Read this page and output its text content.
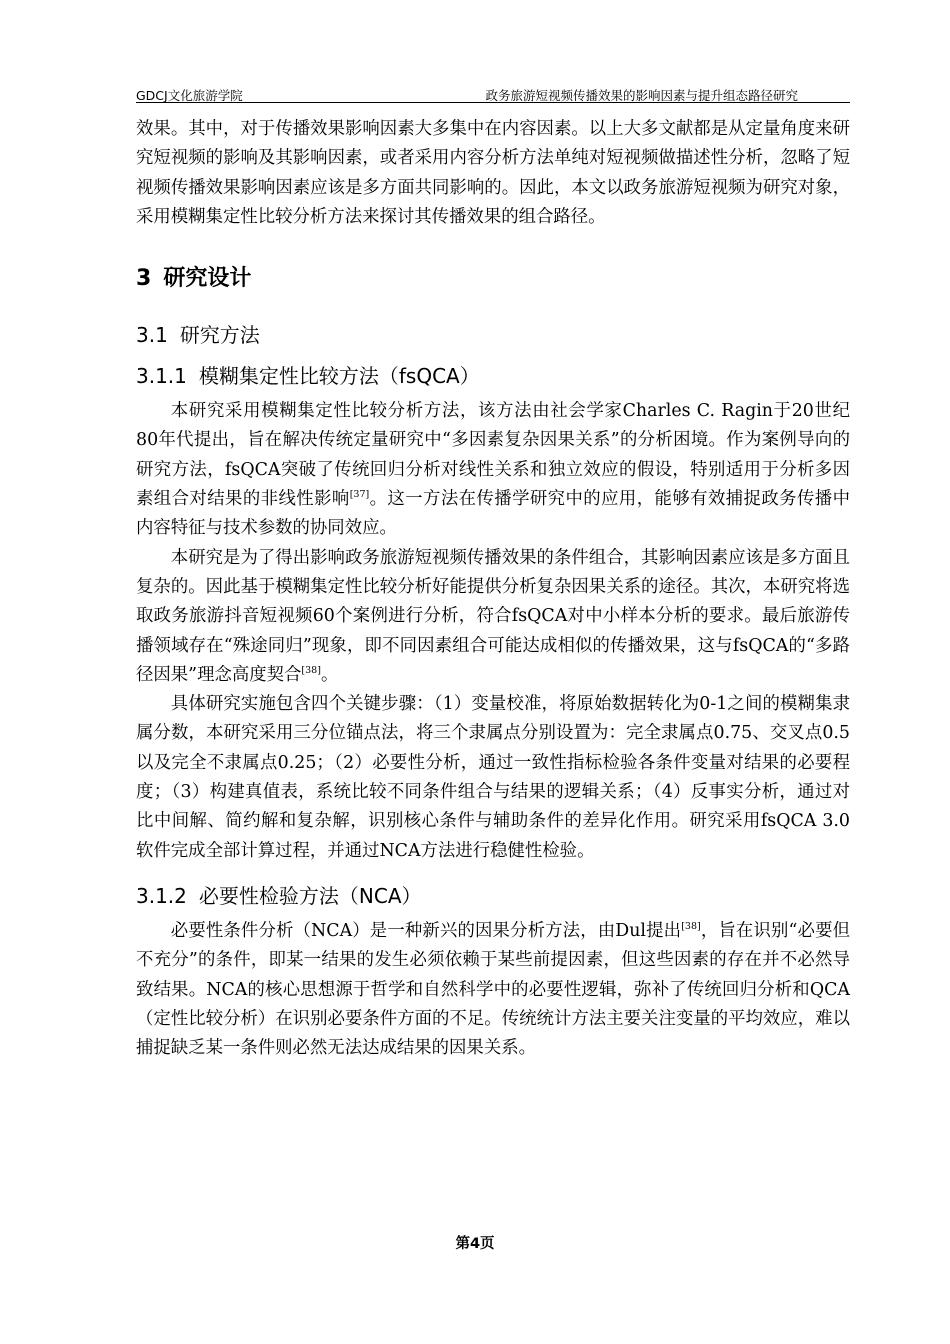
GDCJ文化旅游学院	政务旅游短视频传播效果的影响因素与提升组态路径研究

效果。其中，对于传播效果影响因素大多集中在内容因素。以上大多文献都是从定量角度来研究短视频的影响及其影响因素，或者采用内容分析方法单纯对短视频做描述性分析，忽略了短视频传播效果影响因素应该是多方面共同影响的。因此，本文以政务旅游短视频为研究对象，采用模糊集定性比较分析方法来探讨其传播效果的组合路径。

3 研究设计
3.1 研究方法
3.1.1 模糊集定性比较方法（fsQCA）

本研究采用模糊集定性比较分析方法，该方法由社会学家Charles C. Ragin于20世纪80年代提出，旨在解决传统定量研究中“多因素复杂因果关系”的分析困境。作为案例导向的研究方法，fsQCA突破了传统回归分析对线性关系和独立效应的假设，特别适用于分析多因素组合对结果的非线性影响[37]。这一方法在传播学研究中的应用，能够有效捕捉政务传播中内容特征与技术参数的协同效应。

本研究是为了得出影响政务旅游短视频传播效果的条件组合，其影响因素应该是多方面且复杂的。因此基于模糊集定性比较分析好能提供分析复杂因果关系的途径。其次，本研究将选取政务旅游抖音短视频60个案例进行分析，符合fsQCA对中小样本分析的要求。最后旅游传播领域存在“殊途同归”现象，即不同因素组合可能达成相似的传播效果，这与fsQCA的“多路径因果”理念高度契合[38]。

具体研究实施包含四个关键步骤：（1）变量校准，将原始数据转化为0-1之间的模糊集隶属分数，本研究采用三分位锚点法，将三个隶属点分别设置为：完全隶属点0.75、交叉点0.5以及完全不隶属点0.25；（2）必要性分析，通过一致性指标检验各条件变量对结果的必要程度；（3）构建真值表，系统比较不同条件组合与结果的逻辑关系；（4）反事实分析，通过对比中间解、简约解和复杂解，识别核心条件与辅助条件的差异化作用。研究采用fsQCA 3.0软件完成全部计算过程，并通过NCA方法进行稳健性检验。

3.1.2 必要性检验方法（NCA）

必要性条件分析（NCA）是一种新兴的因果分析方法，由Dul提出[38]，旨在识别“必要但不充分”的条件，即某一结果的发生必须依赖于某些前提因素，但这些因素的存在并不必然导致结果。NCA的核心思想源于哲学和自然科学中的必要性逻辑，弥补了传统回归分析和QCA（定性比较分析）在识别必要条件方面的不足。传统统计方法主要关注变量的平均效应，难以捕捉缺乏某一条件则必然无法达成结果的因果关系。

第4页
